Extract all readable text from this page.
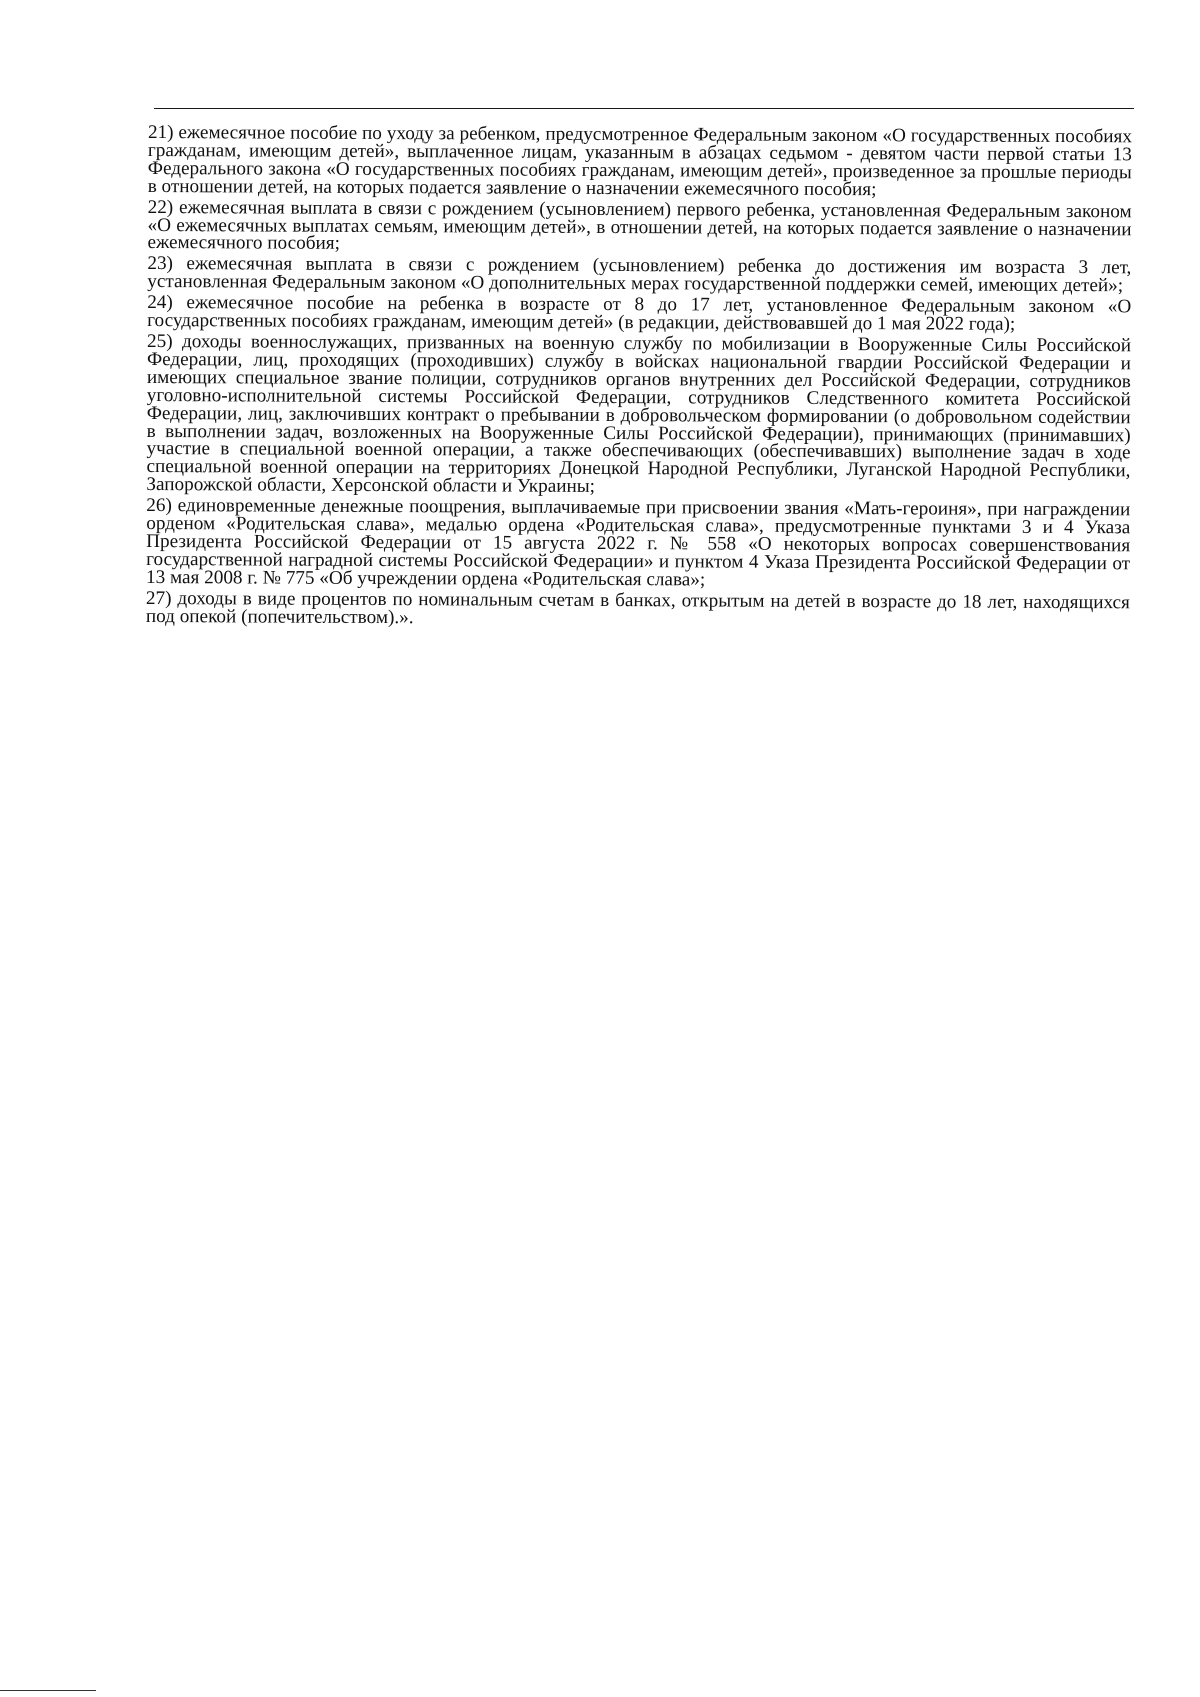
21) ежемесячное пособие по уходу за ребенком, предусмотренное Федеральным законом «О государственных пособиях гражданам, имеющим детей», выплаченное лицам, указанным в абзацах седьмом - девятом части первой статьи 13 Федерального закона «О государственных пособиях гражданам, имеющим детей», произведенное за прошлые периоды в отношении детей, на которых подается заявление о назначении ежемесячного пособия;

22) ежемесячная выплата в связи с рождением (усыновлением) первого ребенка, установленная Федеральным законом «О ежемесячных выплатах семьям, имеющим детей», в отношении детей, на которых подается заявление о назначении ежемесячного пособия;

23) ежемесячная выплата в связи с рождением (усыновлением) ребенка до достижения им возраста 3 лет, установленная Федеральным законом «О дополнительных мерах государственной поддержки семей, имеющих детей»;

24) ежемесячное пособие на ребенка в возрасте от 8 до 17 лет, установленное Федеральным законом «О государственных пособиях гражданам, имеющим детей» (в редакции, действовавшей до 1 мая 2022 года);

25) доходы военнослужащих, призванных на военную службу по мобилизации в Вооруженные Силы Российской Федерации, лиц, проходящих (проходивших) службу в войсках национальной гвардии Российской Федерации и имеющих специальное звание полиции, сотрудников органов внутренних дел Российской Федерации, сотрудников уголовно-исполнительной системы Российской Федерации, сотрудников Следственного комитета Российской Федерации, лиц, заключивших контракт о пребывании в добровольческом формировании (о добровольном содействии в выполнении задач, возложенных на Вооруженные Силы Российской Федерации), принимающих (принимавших) участие в специальной военной операции, а также обеспечивающих (обеспечивавших) выполнение задач в ходе специальной военной операции на территориях Донецкой Народной Республики, Луганской Народной Республики, Запорожской области, Херсонской области и Украины;

26) единовременные денежные поощрения, выплачиваемые при присвоении звания «Мать-героиня», при награждении орденом «Родительская слава», медалью ордена «Родительская слава», предусмотренные пунктами 3 и 4 Указа Президента Российской Федерации от 15 августа 2022 г. № 558 «О некоторых вопросах совершенствования государственной наградной системы Российской Федерации» и пунктом 4 Указа Президента Российской Федерации от 13 мая 2008 г. № 775 «Об учреждении ордена «Родительская слава»;

27) доходы в виде процентов по номинальным счетам в банках, открытым на детей в возрасте до 18 лет, находящихся под опекой (попечительством).».
